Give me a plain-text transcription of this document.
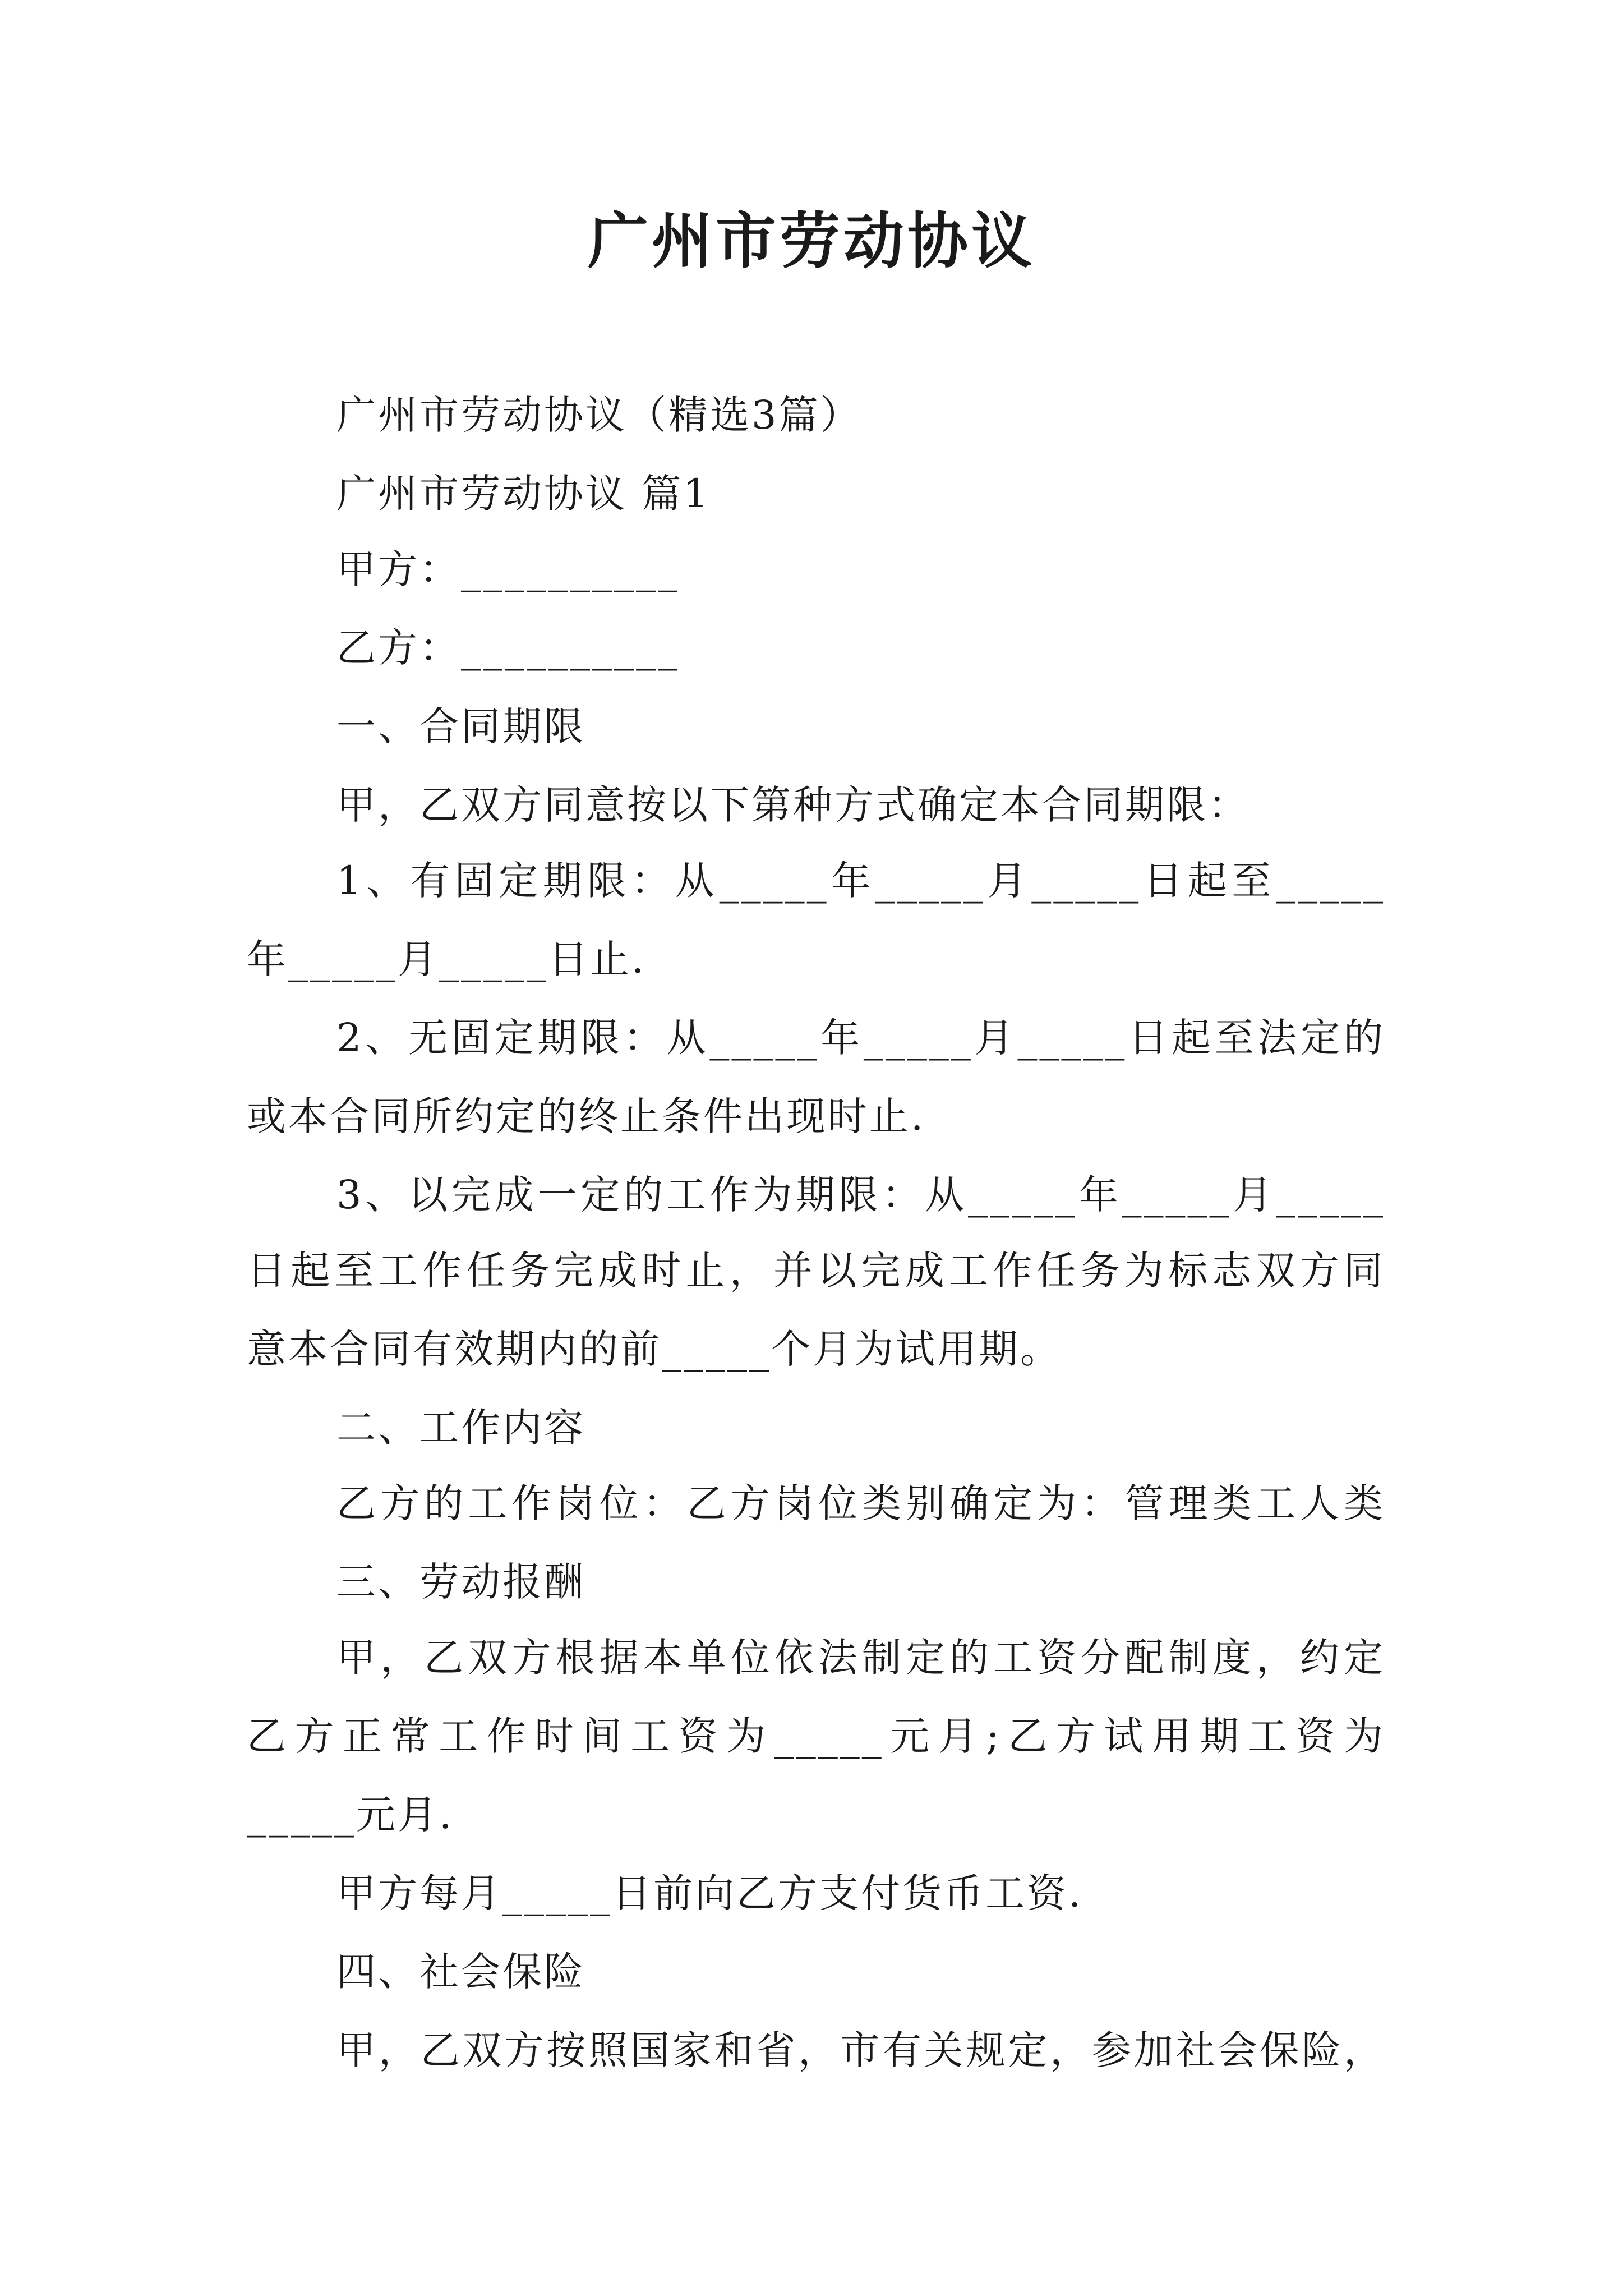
广州市劳动协议
广州市劳动协议（精选3篇）
广州市劳动协议 篇1
甲方：__________
乙方：__________
一、合同期限
甲，乙双方同意按以下第种方式确定本合同期限：
1、有固定期限：从_____年_____月_____日起至_____
年_____月_____日止.
2、无固定期限：从_____年_____月_____日起至法定的
或本合同所约定的终止条件出现时止.
3、以完成一定的工作为期限：从_____年_____月_____
日起至工作任务完成时止，并以完成工作任务为标志双方同
意本合同有效期内的前_____个月为试用期。
二、工作内容
乙方的工作岗位：乙方岗位类别确定为：管理类工人类
三、劳动报酬
甲，乙双方根据本单位依法制定的工资分配制度，约定
乙方正常工作时间工资为_____元月;乙方试用期工资为
_____元月.
甲方每月_____日前向乙方支付货币工资.
四、社会保险
甲，乙双方按照国家和省，市有关规定，参加社会保险，
